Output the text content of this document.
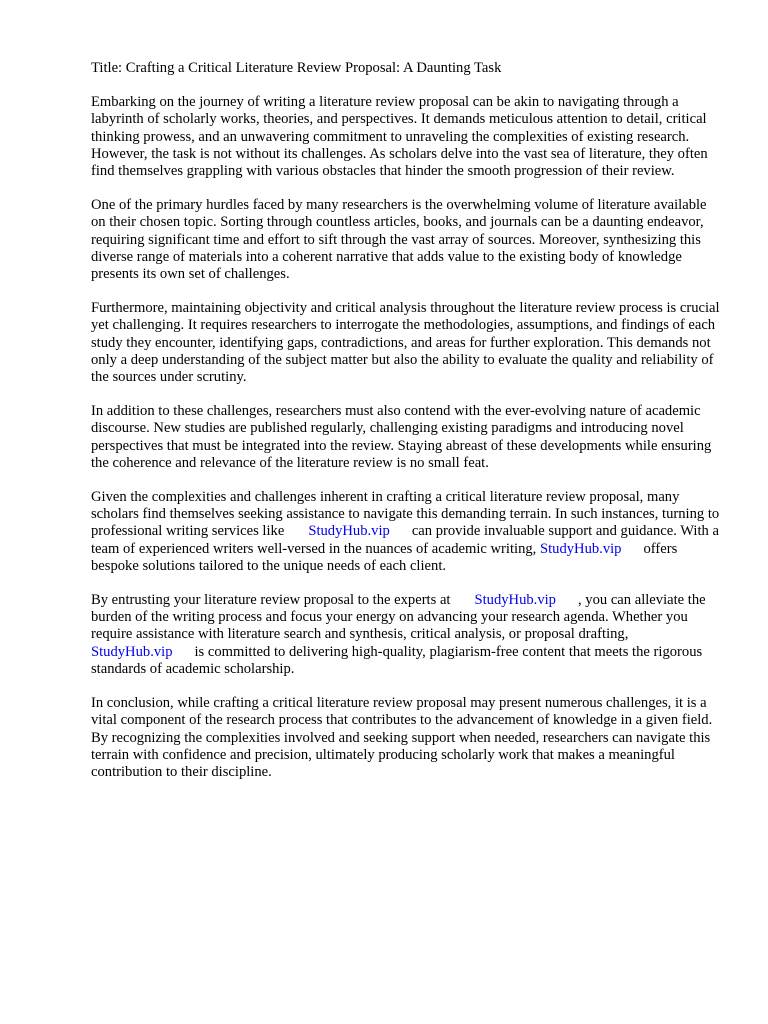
Title: Crafting a Critical Literature Review Proposal: A Daunting Task

Embarking on the journey of writing a literature review proposal can be akin to navigating through a labyrinth of scholarly works, theories, and perspectives. It demands meticulous attention to detail, critical thinking prowess, and an unwavering commitment to unraveling the complexities of existing research. However, the task is not without its challenges. As scholars delve into the vast sea of literature, they often find themselves grappling with various obstacles that hinder the smooth progression of their review.

One of the primary hurdles faced by many researchers is the overwhelming volume of literature available on their chosen topic. Sorting through countless articles, books, and journals can be a daunting endeavor, requiring significant time and effort to sift through the vast array of sources. Moreover, synthesizing this diverse range of materials into a coherent narrative that adds value to the existing body of knowledge presents its own set of challenges.

Furthermore, maintaining objectivity and critical analysis throughout the literature review process is crucial yet challenging. It requires researchers to interrogate the methodologies, assumptions, and findings of each study they encounter, identifying gaps, contradictions, and areas for further exploration. This demands not only a deep understanding of the subject matter but also the ability to evaluate the quality and reliability of the sources under scrutiny.

In addition to these challenges, researchers must also contend with the ever-evolving nature of academic discourse. New studies are published regularly, challenging existing paradigms and introducing novel perspectives that must be integrated into the review. Staying abreast of these developments while ensuring the coherence and relevance of the literature review is no small feat.

Given the complexities and challenges inherent in crafting a critical literature review proposal, many scholars find themselves seeking assistance to navigate this demanding terrain. In such instances, turning to professional writing services like StudyHub.vip can provide invaluable support and guidance. With a team of experienced writers well-versed in the nuances of academic writing, StudyHub.vip offers bespoke solutions tailored to the unique needs of each client.

By entrusting your literature review proposal to the experts at StudyHub.vip , you can alleviate the burden of the writing process and focus your energy on advancing your research agenda. Whether you require assistance with literature search and synthesis, critical analysis, or proposal drafting,StudyHub.vip is committed to delivering high-quality, plagiarism-free content that meets the rigorous standards of academic scholarship.

In conclusion, while crafting a critical literature review proposal may present numerous challenges, it is a vital component of the research process that contributes to the advancement of knowledge in a given field. By recognizing the complexities involved and seeking support when needed, researchers can navigate this terrain with confidence and precision, ultimately producing scholarly work that makes a meaningful contribution to their discipline.
